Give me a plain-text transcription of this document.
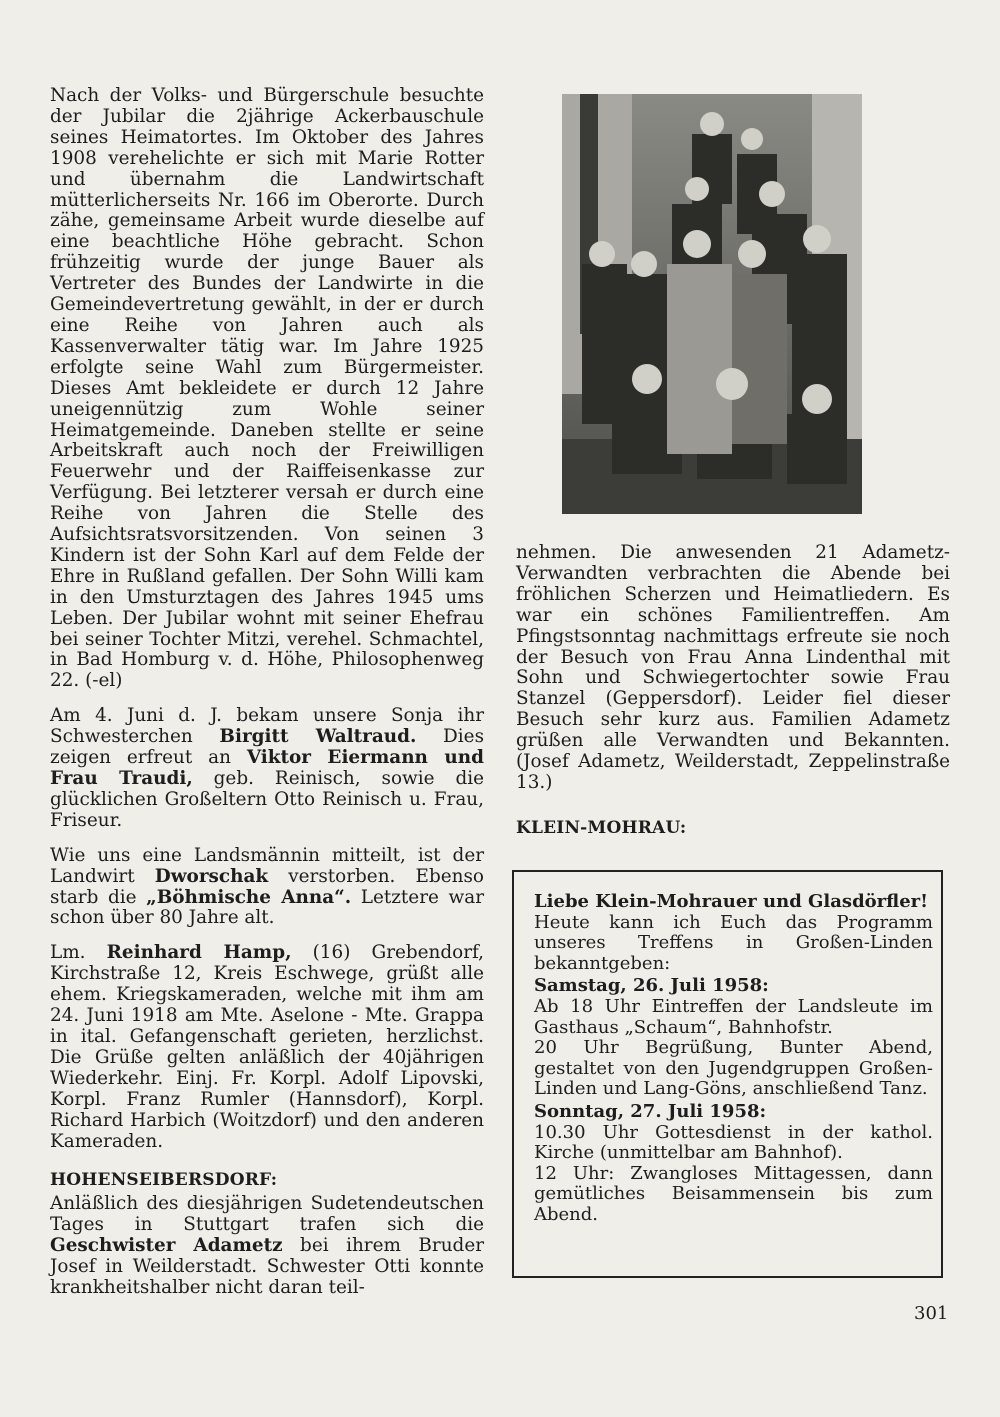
Nach der Volks- und Bürgerschule besuchte der Jubilar die 2jährige Ackerbauschule seines Heimatortes. Im Oktober des Jahres 1908 verehelichte er sich mit Marie Rotter und übernahm die Landwirtschaft mütterlicherseits Nr. 166 im Oberorte. Durch zähe, gemeinsame Arbeit wurde dieselbe auf eine beachtliche Höhe gebracht. Schon frühzeitig wurde der junge Bauer als Vertreter des Bundes der Landwirte in die Gemeindevertretung gewählt, in der er durch eine Reihe von Jahren auch als Kassenverwalter tätig war. Im Jahre 1925 erfolgte seine Wahl zum Bürgermeister. Dieses Amt bekleidete er durch 12 Jahre uneigennützig zum Wohle seiner Heimatgemeinde. Daneben stellte er seine Arbeitskraft auch noch der Freiwilligen Feuerwehr und der Raiffeisenkasse zur Verfügung. Bei letzterer versah er durch eine Reihe von Jahren die Stelle des Aufsichtsratsvorsitzenden. Von seinen 3 Kindern ist der Sohn Karl auf dem Felde der Ehre in Rußland gefallen. Der Sohn Willi kam in den Umsturztagen des Jahres 1945 ums Leben. Der Jubilar wohnt mit seiner Ehefrau bei seiner Tochter Mitzi, verehel. Schmachtel, in Bad Homburg v. d. Höhe, Philosophenweg 22. (-el)

Am 4. Juni d. J. bekam unsere Sonja ihr Schwesterchen Birgitt Waltraud. Dies zeigen erfreut an Viktor Eiermann und Frau Traudi, geb. Reinisch, sowie die glücklichen Großeltern Otto Reinisch u. Frau, Friseur.

Wie uns eine Landsmännin mitteilt, ist der Landwirt Dworschak verstorben. Ebenso starb die „Böhmische Anna“. Letztere war schon über 80 Jahre alt.

Lm. Reinhard Hamp, (16) Grebendorf, Kirchstraße 12, Kreis Eschwege, grüßt alle ehem. Kriegskameraden, welche mit ihm am 24. Juni 1918 am Mte. Aselone - Mte. Grappa in ital. Gefangenschaft gerieten, herzlichst. Die Grüße gelten anläßlich der 40jährigen Wiederkehr. Einj. Fr. Korpl. Adolf Lipovski, Korpl. Franz Rumler (Hannsdorf), Korpl. Richard Harbich (Woitzdorf) und den anderen Kameraden.

HOHENSEIBERSDORF:

Anläßlich des diesjährigen Sudetendeutschen Tages in Stuttgart trafen sich die Geschwister Adametz bei ihrem Bruder Josef in Weilderstadt. Schwester Otti konnte krankheitshalber nicht daran teil-

nehmen. Die anwesenden 21 Adametz-Verwandten verbrachten die Abende bei fröhlichen Scherzen und Heimatliedern. Es war ein schönes Familientreffen. Am Pfingstsonntag nachmittags erfreute sie noch der Besuch von Frau Anna Lindenthal mit Sohn und Schwiegertochter sowie Frau Stanzel (Geppersdorf). Leider fiel dieser Besuch sehr kurz aus. Familien Adametz grüßen alle Verwandten und Bekannten. (Josef Adametz, Weilderstadt, Zeppelinstraße 13.)

KLEIN-MOHRAU:

Liebe Klein-Mohrauer und Glasdörfler!

Heute kann ich Euch das Programm unseres Treffens in Großen-Linden bekanntgeben:

Samstag, 26. Juli 1958:

Ab 18 Uhr Eintreffen der Landsleute im Gasthaus „Schaum“, Bahnhofstr.

20 Uhr Begrüßung, Bunter Abend, gestaltet von den Jugendgruppen Großen-Linden und Lang-Göns, anschließend Tanz.

Sonntag, 27. Juli 1958:

10.30 Uhr Gottesdienst in der kathol. Kirche (unmittelbar am Bahnhof).

12 Uhr: Zwangloses Mittagessen, dann gemütliches Beisammensein bis zum Abend.

301
